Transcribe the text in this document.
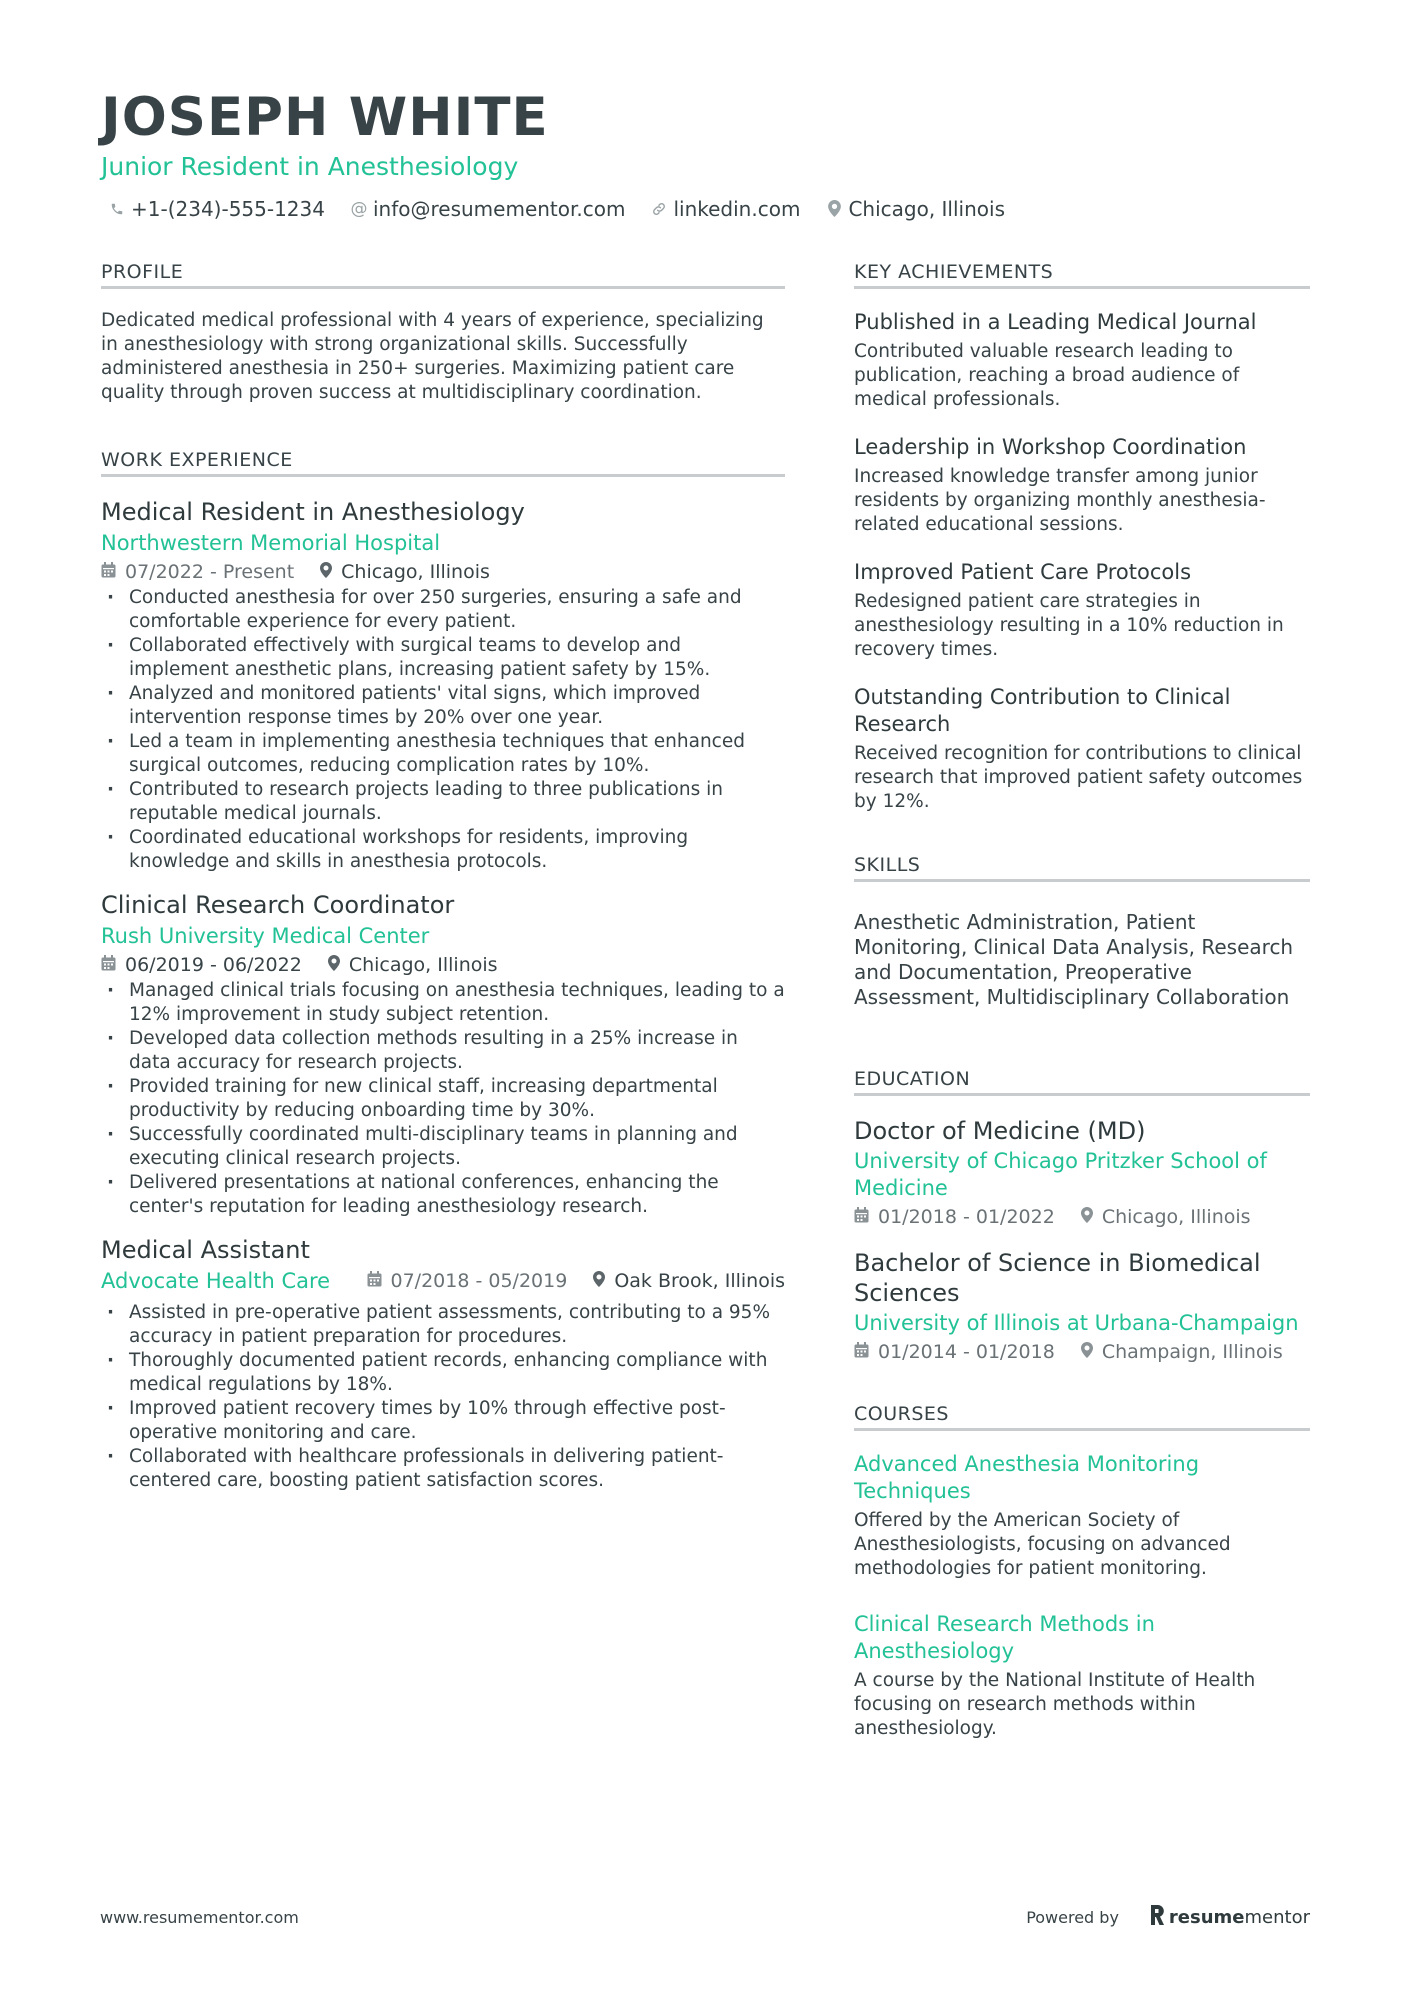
JOSEPH WHITE
Junior Resident in Anesthesiology
+1-(234)-555-1234 @ info@resumementor.com linkedin.com Chicago, Illinois
PROFILE
Dedicated medical professional with 4 years of experience, specializing in anesthesiology with strong organizational skills. Successfully administered anesthesia in 250+ surgeries. Maximizing patient care quality through proven success at multidisciplinary coordination.
WORK EXPERIENCE
Medical Resident in Anesthesiology
Northwestern Memorial Hospital
07/2022 - Present Chicago, Illinois
· Conducted anesthesia for over 250 surgeries, ensuring a safe and comfortable experience for every patient.
· Collaborated effectively with surgical teams to develop and implement anesthetic plans, increasing patient safety by 15%.
· Analyzed and monitored patients' vital signs, which improved intervention response times by 20% over one year.
· Led a team in implementing anesthesia techniques that enhanced surgical outcomes, reducing complication rates by 10%.
· Contributed to research projects leading to three publications in reputable medical journals.
· Coordinated educational workshops for residents, improving knowledge and skills in anesthesia protocols.
Clinical Research Coordinator
Rush University Medical Center
06/2019 - 06/2022 Chicago, Illinois
· Managed clinical trials focusing on anesthesia techniques, leading to a 12% improvement in study subject retention.
· Developed data collection methods resulting in a 25% increase in data accuracy for research projects.
· Provided training for new clinical staff, increasing departmental productivity by reducing onboarding time by 30%.
· Successfully coordinated multi-disciplinary teams in planning and executing clinical research projects.
· Delivered presentations at national conferences, enhancing the center's reputation for leading anesthesiology research.
Medical Assistant
Advocate Health Care	07/2018 - 05/2019 Oak Brook, Illinois
· Assisted in pre-operative patient assessments, contributing to a 95% accuracy in patient preparation for procedures.
· Thoroughly documented patient records, enhancing compliance with medical regulations by 18%.
· Improved patient recovery times by 10% through effective post-operative monitoring and care.
· Collaborated with healthcare professionals in delivering patient-centered care, boosting patient satisfaction scores.
KEY ACHIEVEMENTS
Published in a Leading Medical Journal
Contributed valuable research leading to publication, reaching a broad audience of medical professionals.
Leadership in Workshop Coordination
Increased knowledge transfer among junior residents by organizing monthly anesthesia-related educational sessions.
Improved Patient Care Protocols
Redesigned patient care strategies in anesthesiology resulting in a 10% reduction in recovery times.
Outstanding Contribution to Clinical Research
Received recognition for contributions to clinical research that improved patient safety outcomes by 12%.
SKILLS
Anesthetic Administration, Patient Monitoring, Clinical Data Analysis, Research and Documentation, Preoperative Assessment, Multidisciplinary Collaboration
EDUCATION
Doctor of Medicine (MD)
University of Chicago Pritzker School of Medicine
01/2018 - 01/2022 Chicago, Illinois
Bachelor of Science in Biomedical Sciences
University of Illinois at Urbana-Champaign
01/2014 - 01/2018 Champaign, Illinois
COURSES
Advanced Anesthesia Monitoring Techniques
Offered by the American Society of Anesthesiologists, focusing on advanced methodologies for patient monitoring.
Clinical Research Methods in Anesthesiology
A course by the National Institute of Health focusing on research methods within anesthesiology.
www.resumementor.com	Powered by	resume mentor
